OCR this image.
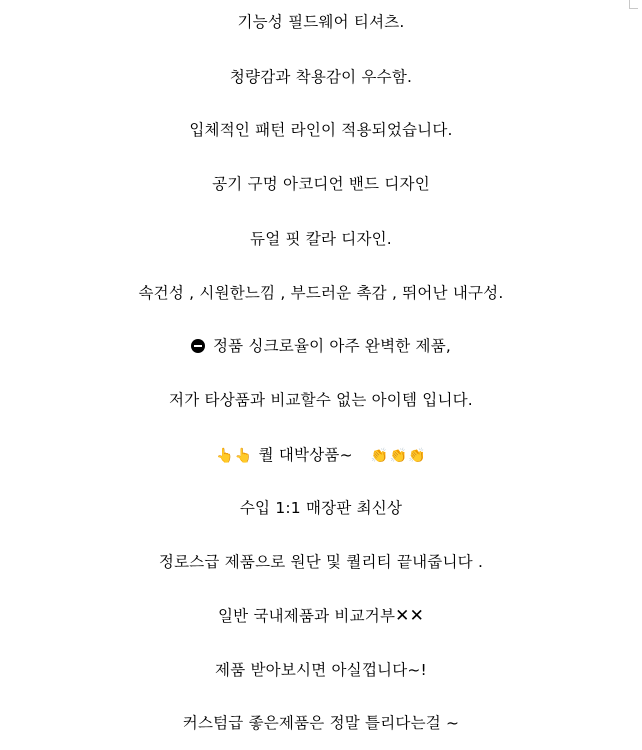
기능성 필드웨어 티셔츠.
청량감과 착용감이 우수함.
입체적인 패턴 라인이 적용되었습니다.
공기 구멍 아코디언 밴드 디자인
듀얼 핏 칼라 디자인.
속건성 , 시원한느낌 , 부드러운 촉감 , 뛰어난 내구성.
정품 싱크로율이 아주 완벽한 제품,
저가 타상품과 비교할수 없는 아이템 입니다.
👆👆 퀄 대박상품~ 👏👏👏
수입 1:1 매장판 최신상
정로스급 제품으로 원단 및 퀄리티 끝내줍니다 .
일반 국내제품과 비교거부✕✕
제품 받아보시면 아실껍니다~!
커스텀급 좋은제품은 정말 틀리다는걸 ~
